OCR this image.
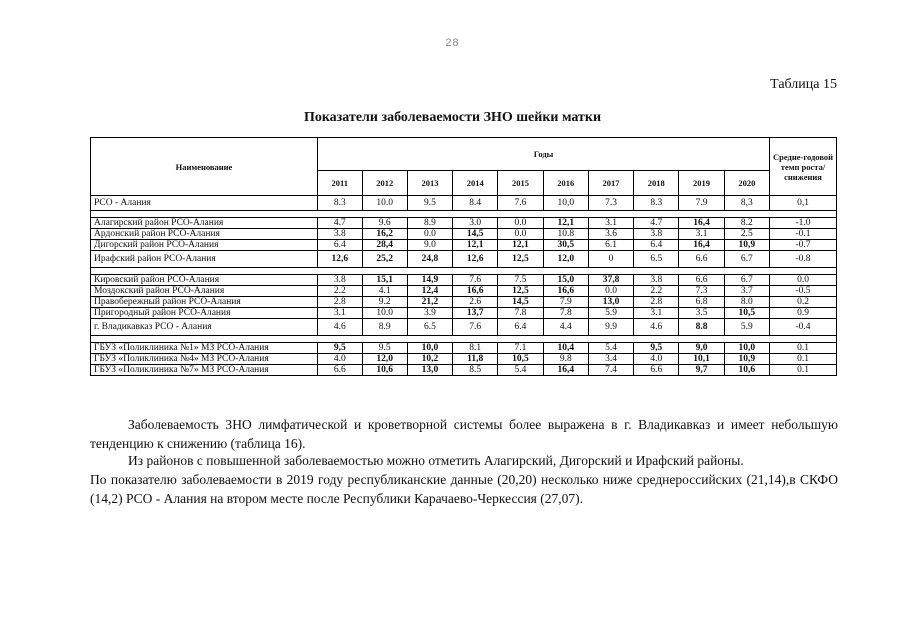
28
Таблица 15
Показатели заболеваемости ЗНО шейки матки
Наименование	Годы										Средне-годовой темп роста/ снижения
	2011	2012	2013	2014	2015	2016	2017	2018	2019	2020	
РСО - Алания	8.3	10.0	9.5	8.4	7.6	10,0	7.3	8.3	7.9	8,3	0,1

Алагирский район РСО-Алания	4.7	9.6	8.9	3.0	0.0	12,1	3.1	4.7	16,4	8.2	-1.0
Ардонский район РСО-Алания	3.8	16,2	0.0	14,5	0.0	10.8	3.6	3.8	3.1	2.5	-0.1
Дигорский район РСО-Алания	6.4	28,4	9.0	12,1	12,1	30,5	6.1	6.4	16,4	10,9	-0.7
Ирафский район РСО-Алания	12,6	25,2	24,8	12,6	12,5	12,0	0	6.5	6.6	6.7	-0.8

Кировский район РСО-Алания	3.8	15,1	14,9	7.6	7.5	15,0	37,8	3.8	6.6	6.7	0.0
Моздокский район РСО-Алания	2.2	4.1	12,4	16,6	12,5	16,6	0.0	2.2	7.3	3.7	-0.5
Правобережный район РСО-Алания	2.8	9.2	21,2	2.6	14,5	7.9	13,0	2.8	6.8	8.0	0.2
Пригородный район РСО-Алания	3.1	10.0	3.9	13,7	7.8	7.8	5.9	3.1	3.5	10,5	0.9
г. Владикавказ РСО - Алания	4.6	8.9	6.5	7.6	6.4	4.4	9.9	4.6	8.8	5.9	-0.4

ГБУЗ «Поликлиника №1» МЗ РСО-Алания	9,5	9.5	10,0	8.1	7.1	10,4	5.4	9,5	9,0	10,0	0.1
ГБУЗ «Поликлиника №4» МЗ РСО-Алания	4.0	12,0	10,2	11,8	10,5	9.8	3.4	4.0	10,1	10,9	0.1
ГБУЗ «Поликлиника №7» МЗ РСО-Алания	6.6	10,6	13,0	8.5	5.4	16,4	7.4	6.6	9,7	10,6	0.1

Заболеваемость ЗНО лимфатической и кроветворной системы более выражена в г. Владикавказ и имеет небольшую тенденцию к снижению (таблица 16).

Из районов с повышенной заболеваемостью можно отметить Алагирский, Дигорский и Ирафский районы.

По показателю заболеваемости в 2019 году республиканские данные (20,20) несколько ниже среднероссийских (21,14),в СКФО (14,2) РСО - Алания на втором месте после Республики Карачаево-Черкессия (27,07).
